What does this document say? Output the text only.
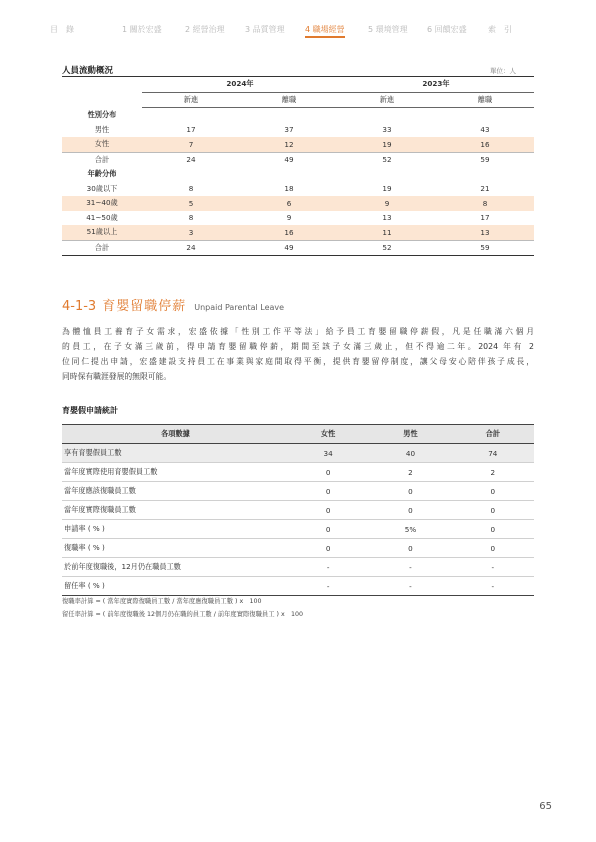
目　錄	1 關於宏盛	2 經營治理	3 品質管理	4 職場經營	5 環境管理 6 回饋宏盛	索　引
人員流動概況	單位：人
	2024年		2023年	
	新進	離職	新進	離職
性別分布				
男性	17	37	33	43
女性	7	12	19	16
合計	24	49	52	59
年齡分佈				
30歲以下	8	18	19	21
31~40歲	5	6	9	8
41~50歲	8	9	13	17
51歲以上	3	16	11	13
合計	24	49	52	59
4-1-3 育嬰留職停薪 Unpaid Parental Leave
為體恤員工養育子女需求，宏盛依據「性別工作平等法」給予員工育嬰留職停薪假，凡是任職滿六個月
的員工，在子女滿三歲前，得申請育嬰留職停薪，期間至該子女滿三歲止，但不得逾二年。2024 年有 2
位同仁提出申請，宏盛建設支持員工在事業與家庭間取得平衡，提供育嬰留停制度，讓父母安心陪伴孩子成長，
同時保有職涯發展的無限可能。
育嬰假申請統計
各項數據	女性	男性	合計
享有育嬰假員工數	34	40	74
當年度實際使用育嬰假員工數	0	2	2
當年度應該復職員工數	0	0	0
當年度實際復職員工數	0	0	0
申請率 ( % )	0	5%	0
復職率 ( % )	0	0	0
於前年度復職後，12月仍在職員工數	-	-	-
留任率 ( % )	-	-	-
復職率計算 = ( 當年度實際復職員工數 / 當年度應復職員工數 ) x　100
留任率計算 = ( 前年度復職後 12個月仍在職的員工數 / 前年度實際復職員工 ) x　100
65
